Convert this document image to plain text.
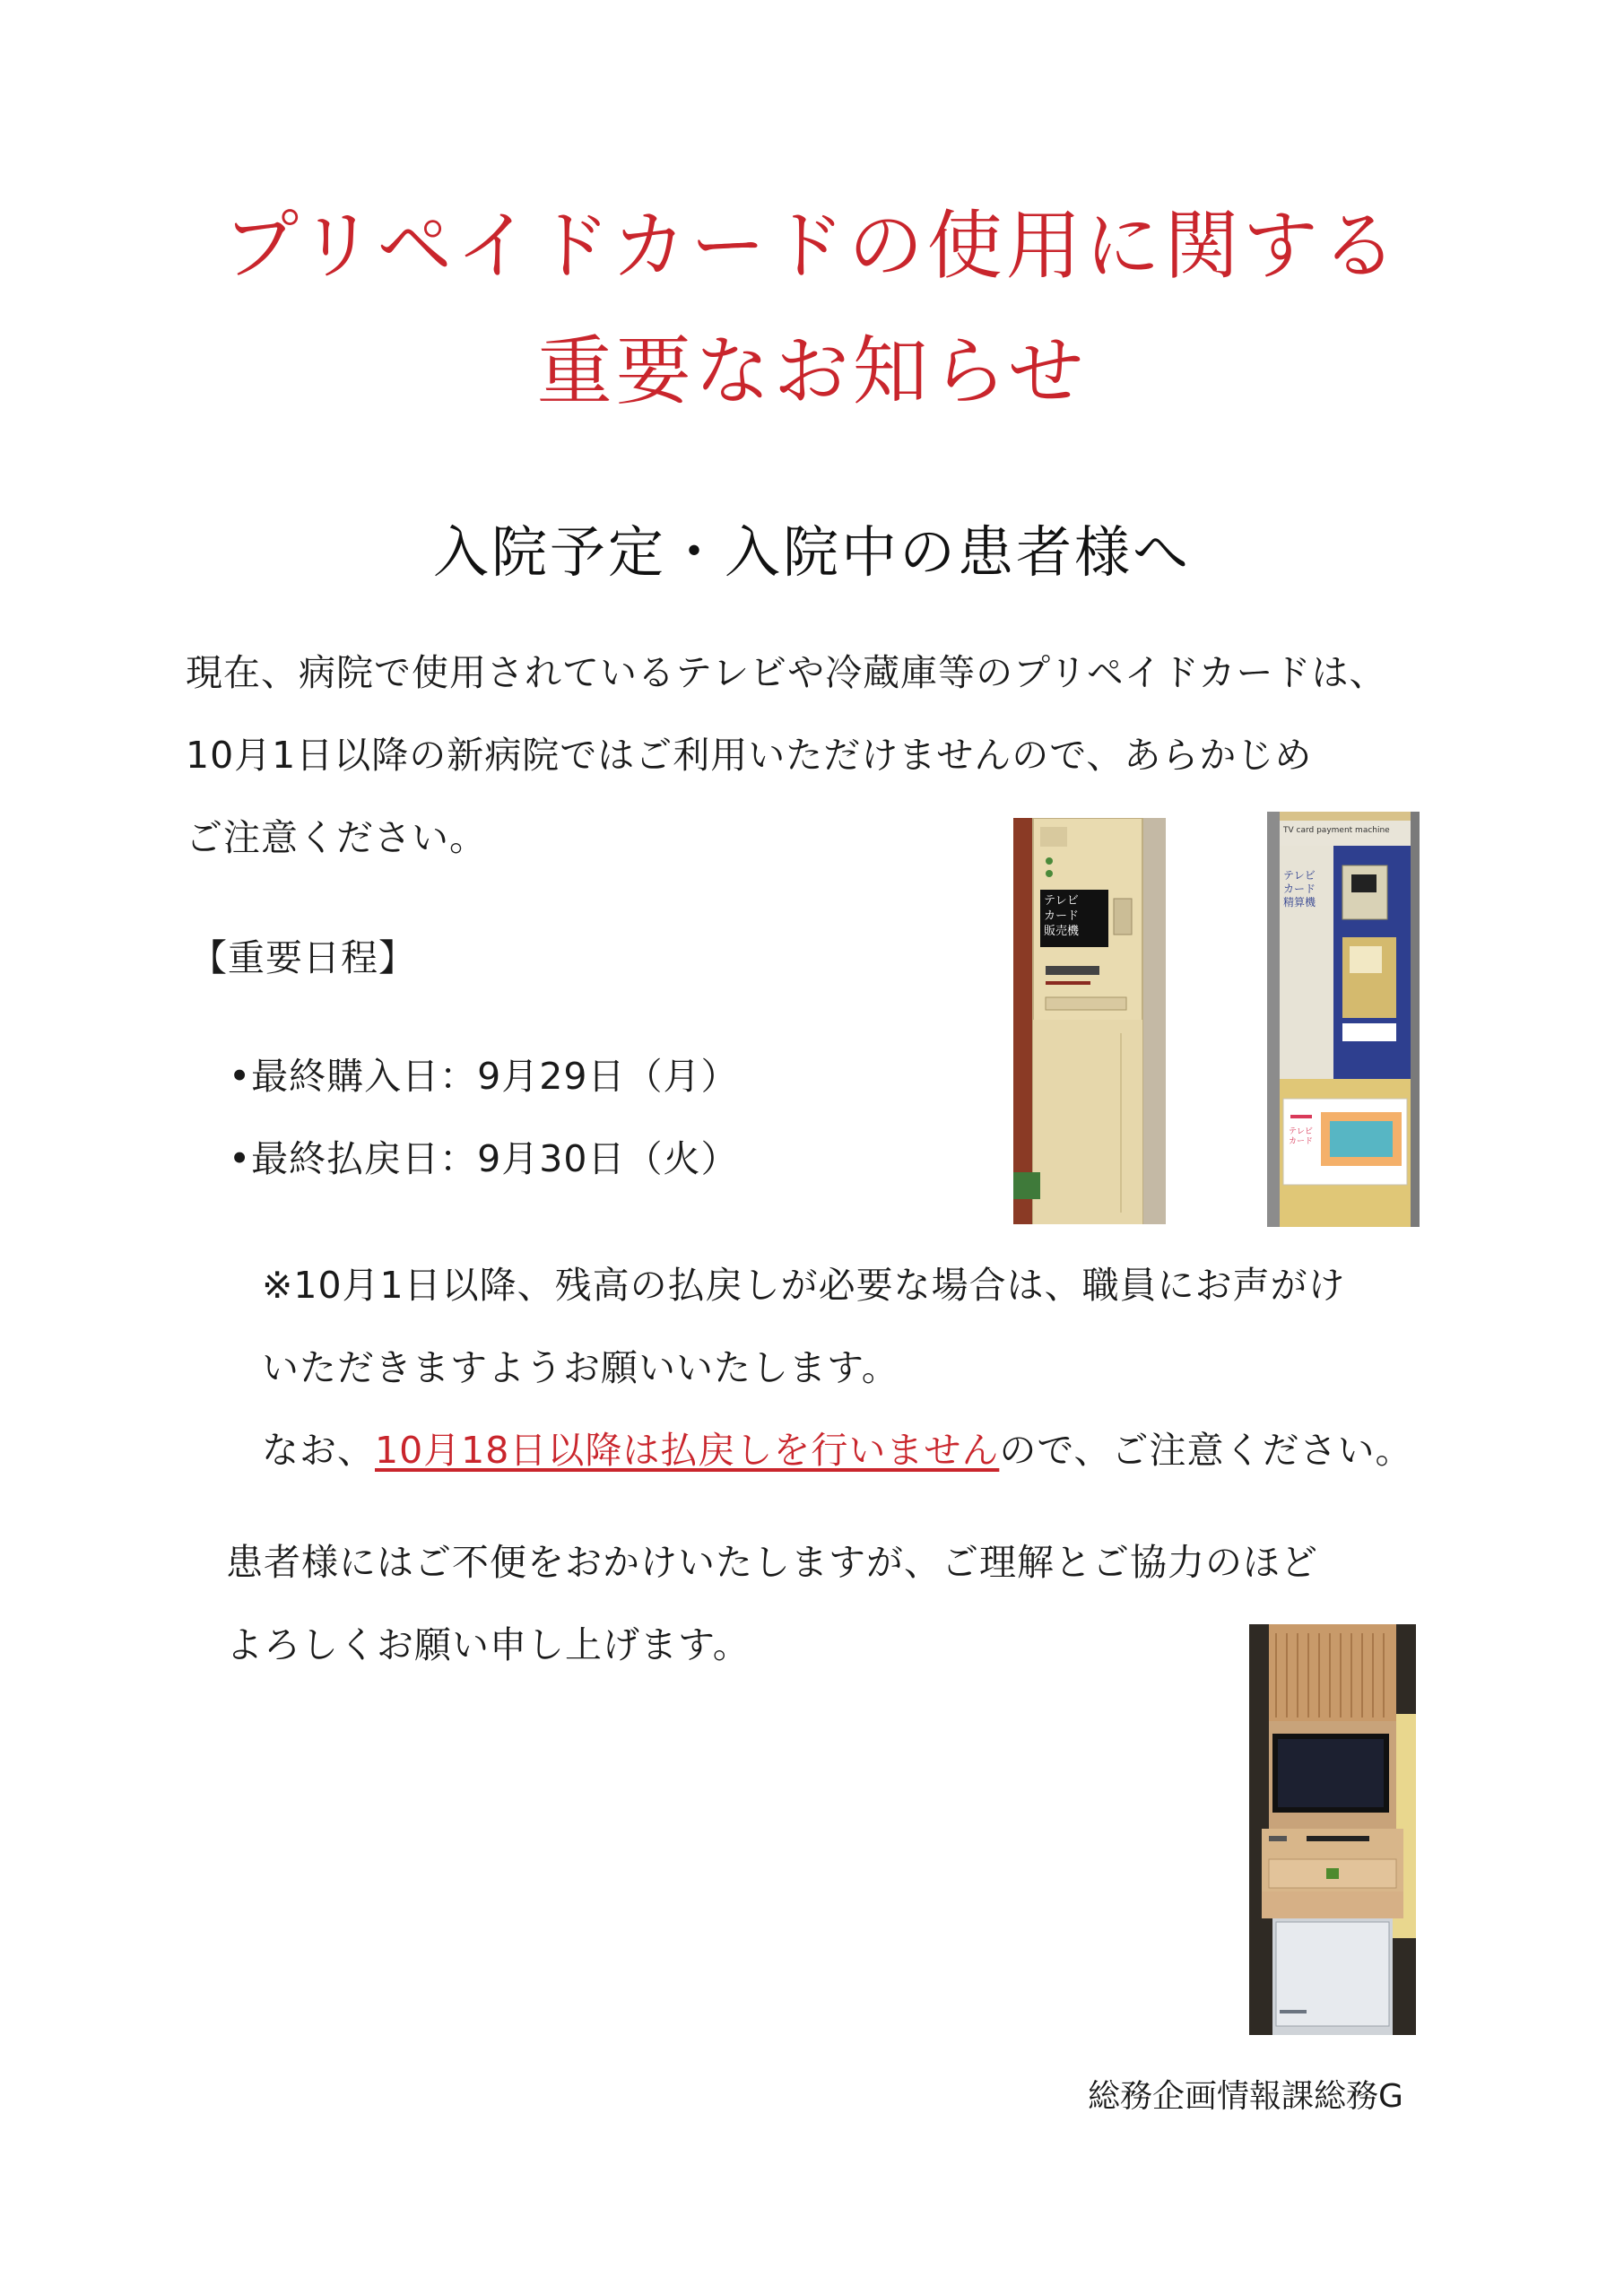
プリペイドカードの使用に関する
重要なお知らせ
入院予定・入院中の患者様へ
現在、病院で使用されているテレビや冷蔵庫等のプリペイドカードは、
10月1日以降の新病院ではご利用いただけませんので、あらかじめ
ご注意ください。
【重要日程】
•最終購入日：9月29日（月）
•最終払戻日：9月30日（火）
※10月1日以降、残高の払戻しが必要な場合は、職員にお声がけ
いただきますようお願いいたします。
なお、10月18日以降は払戻しを行いませんので、ご注意ください。
患者様にはご不便をおかけいたしますが、ご理解とご協力のほど
よろしくお願い申し上げます。
テレビ
カード
販売機
TV card payment machine
テレビ
カード
精算機
テレビ
カード
総務企画情報課総務G
